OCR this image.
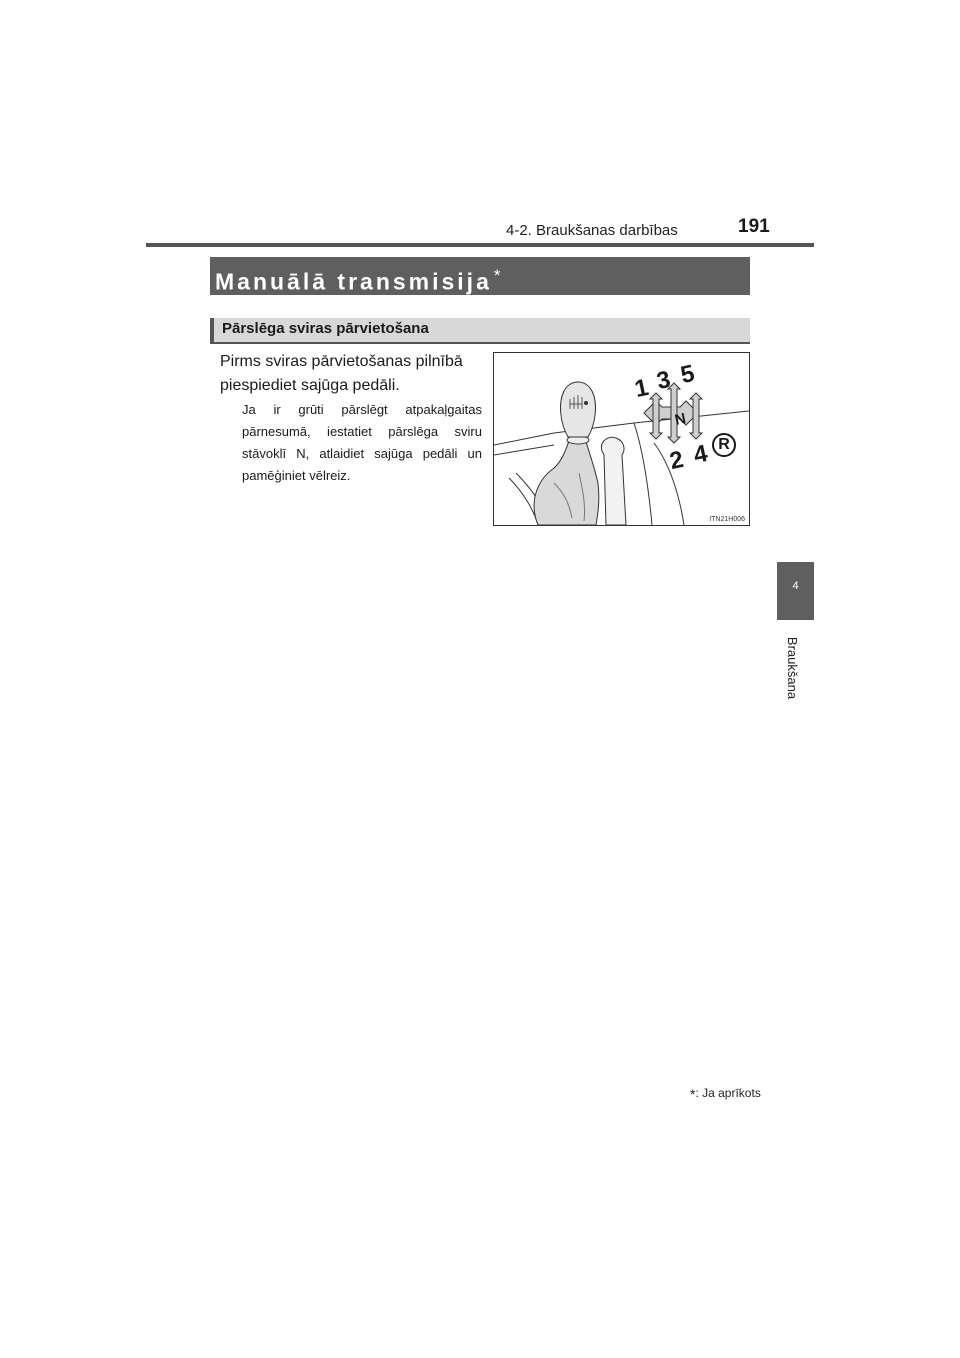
4-2. Braukšanas darbības	191
4
Braukšana
Manuālā transmisija *
Pārslēga sviras pārvietošana
Pirms sviras pārvietošanas pilnībā piespiediet sajūga pedāli.
Ja ir grūti pārslēgt atpakaļgaitas pārnesumā, iestatiet pārslēga sviru stāvoklī N, atlaidiet sajūga pedāli un pamēģiniet vēlreiz.
1 3 5
N
2 4 R
ITN21H006
*: Ja aprīkots
